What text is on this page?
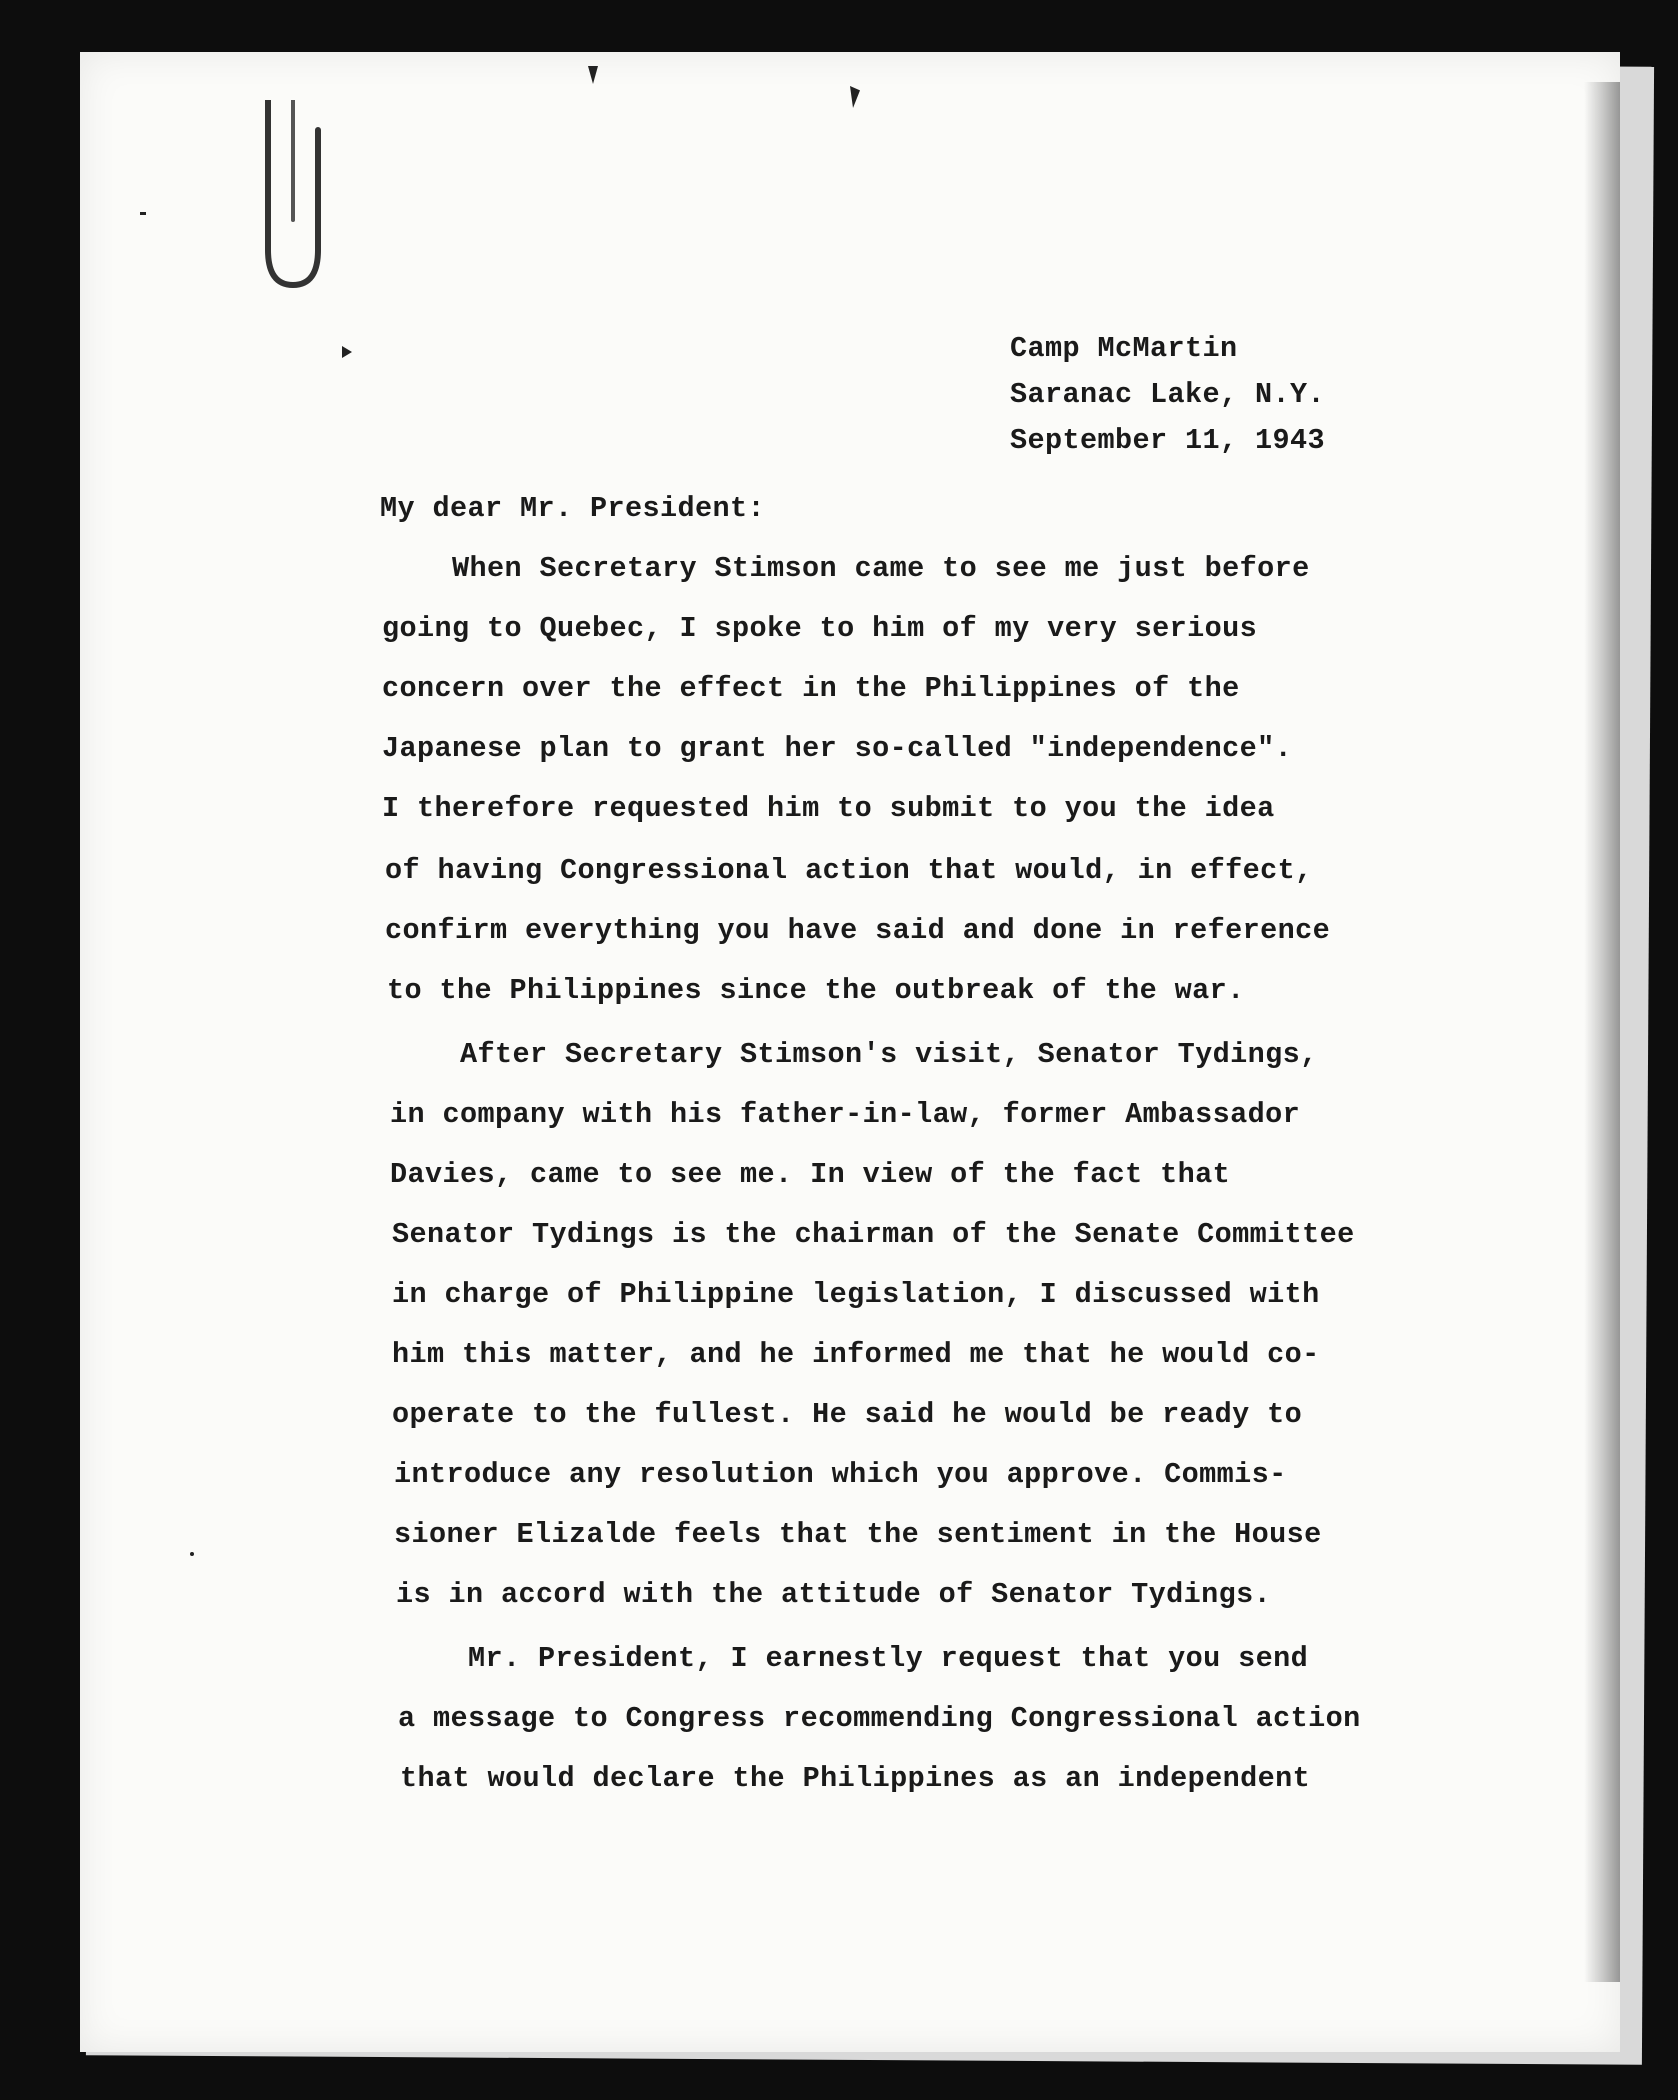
Camp McMartin
Saranac Lake, N.Y.
September 11, 1943
My dear Mr. President:
When Secretary Stimson came to see me just before
going to Quebec, I spoke to him of my very serious
concern over the effect in the Philippines of the
Japanese plan to grant her so-called "independence".
I therefore requested him to submit to you the idea
of having Congressional action that would, in effect,
confirm everything you have said and done in reference
to the Philippines since the outbreak of the war.
After Secretary Stimson's visit, Senator Tydings,
in company with his father-in-law, former Ambassador
Davies, came to see me. In view of the fact that
Senator Tydings is the chairman of the Senate Committee
in charge of Philippine legislation, I discussed with
him this matter, and he informed me that he would co-
operate to the fullest. He said he would be ready to
introduce any resolution which you approve. Commis-
sioner Elizalde feels that the sentiment in the House
is in accord with the attitude of Senator Tydings.
Mr. President, I earnestly request that you send
a message to Congress recommending Congressional action
that would declare the Philippines as an independent
